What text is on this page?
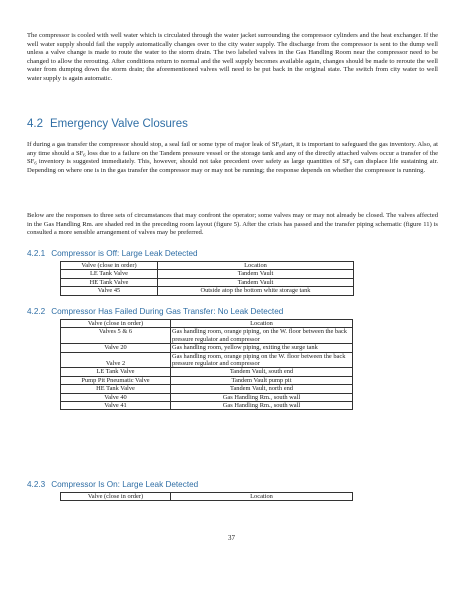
The compressor is cooled with well water which is circulated through the water jacket surrounding the compressor cylinders and the heat exchanger. If the well water supply should fail the supply automatically changes over to the city water supply. The discharge from the compressor is sent to the dump well unless a valve change is made to route the water to the storm drain. The two labeled valves in the Gas Handling Room near the compressor need to be changed to allow the rerouting. After conditions return to normal and the well supply becomes available again, changes should be made to reroute the well water from dumping down the storm drain; the aforementioned valves will need to be put back in the original state. The switch from city water to well water supply is again automatic.

4.2 Emergency Valve Closures

If during a gas transfer the compressor should stop, a seal fail or some type of major leak of $SF_6start$, it is important to safeguard the gas inventory. Also, at any time should a $SF_6$ loss due to a failure on the Tandem pressure vessel or the storage tank and any of the directly attached valves occur a transfer of the $SF_6$ inventory is suggested immediately. This, however, should not take precedent over safety as large quantities of $SF_6$ can displace life sustaining air. Depending on where one is in the gas transfer the compressor may or may not be running; the response depends on whether the compressor is running.

Below are the responses to three sets of circumstances that may confront the operator; some valves may or may not already be closed. The valves affected in the Gas Handling Rm. are shaded red in the preceding room layout (figure 5). After the crisis has passed and the transfer piping schematic (figure 11) is consulted a more sensible arrangement of valves may be preferred.

4.2.1 Compressor is Off: Large Leak Detected
Valve (close in order)	Location
LE Tank Valve	Tandem Vault
HE Tank Valve	Tandem Vault
Valve 45	Outside atop the bottom white storage tank
4.2.2 Compressor Has Failed During Gas Transfer: No Leak Detected
Valve (close in order)	Location
Valves 5 & 6	Gas handling room, orange piping, on the W. floor between the back pressure regulator and compressor
Valve 20	Gas handling room, yellow piping, exiting the surge tank
Valve 2	Gas handling room, orange piping on the W. floor between the back pressure regulator and compressor
LE Tank Valve	Tandem Vault, south end
Pump Pit Pneumatic Valve	Tandem Vault pump pit
HE Tank Valve	Tandem Vault, north end
Valve 40	Gas Handling Rm., south wall
Valve 41	Gas Handling Rm., south wall
4.2.3 Compressor Is On: Large Leak Detected
Valve (close in order)	Location
37
